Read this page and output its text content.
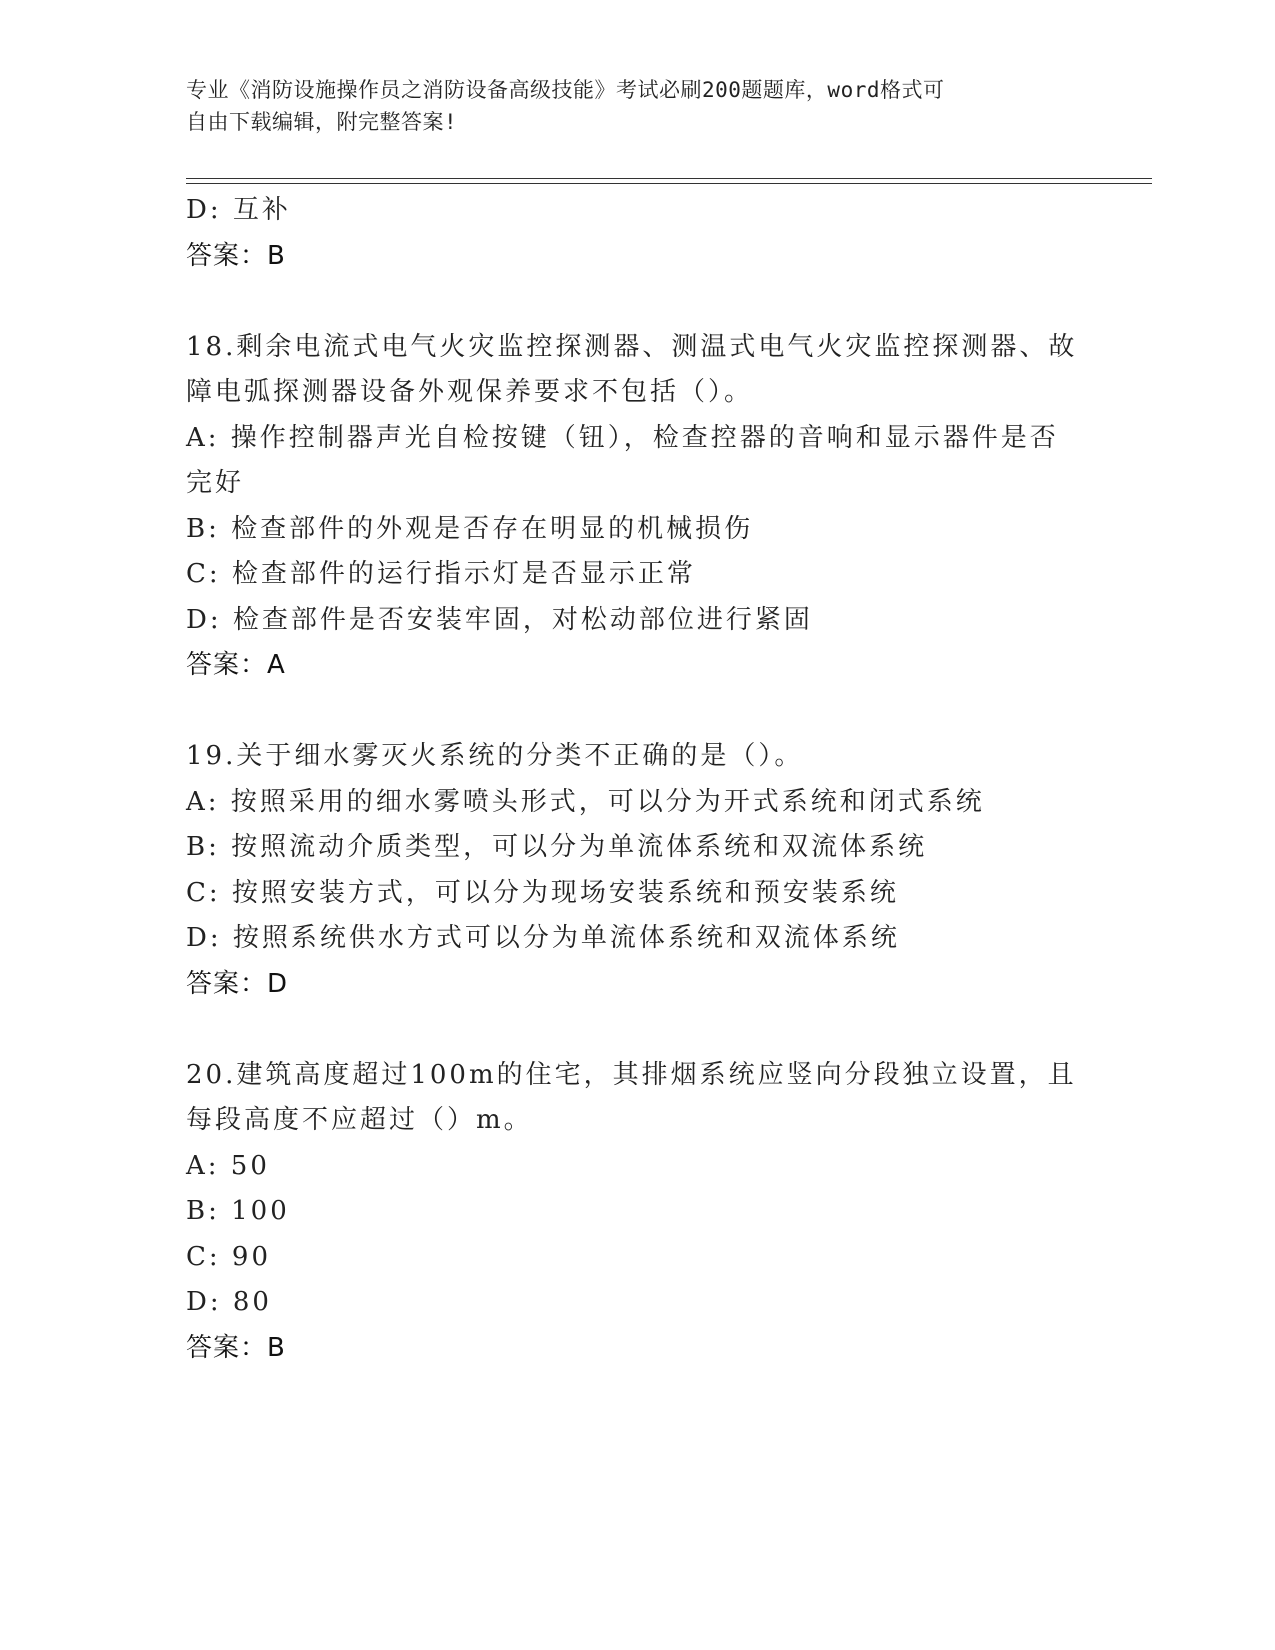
专业《消防设施操作员之消防设备高级技能》考试必刷200题题库，word格式可
自由下载编辑，附完整答案!
D: 互补
答案：B
18.剩余电流式电气火灾监控探测器、测温式电气火灾监控探测器、故
障电弧探测器设备外观保养要求不包括（）。
A: 操作控制器声光自检按键（钮），检查控器的音响和显示器件是否
完好
B: 检查部件的外观是否存在明显的机械损伤
C: 检查部件的运行指示灯是否显示正常
D: 检查部件是否安装牢固，对松动部位进行紧固
答案：A
19.关于细水雾灭火系统的分类不正确的是（）。
A: 按照采用的细水雾喷头形式，可以分为开式系统和闭式系统
B: 按照流动介质类型，可以分为单流体系统和双流体系统
C: 按照安装方式，可以分为现场安装系统和预安装系统
D: 按照系统供水方式可以分为单流体系统和双流体系统
答案：D
20.建筑高度超过100m的住宅，其排烟系统应竖向分段独立设置，且
每段高度不应超过（）m。
A: 50
B: 100
C: 90
D: 80
答案：B
